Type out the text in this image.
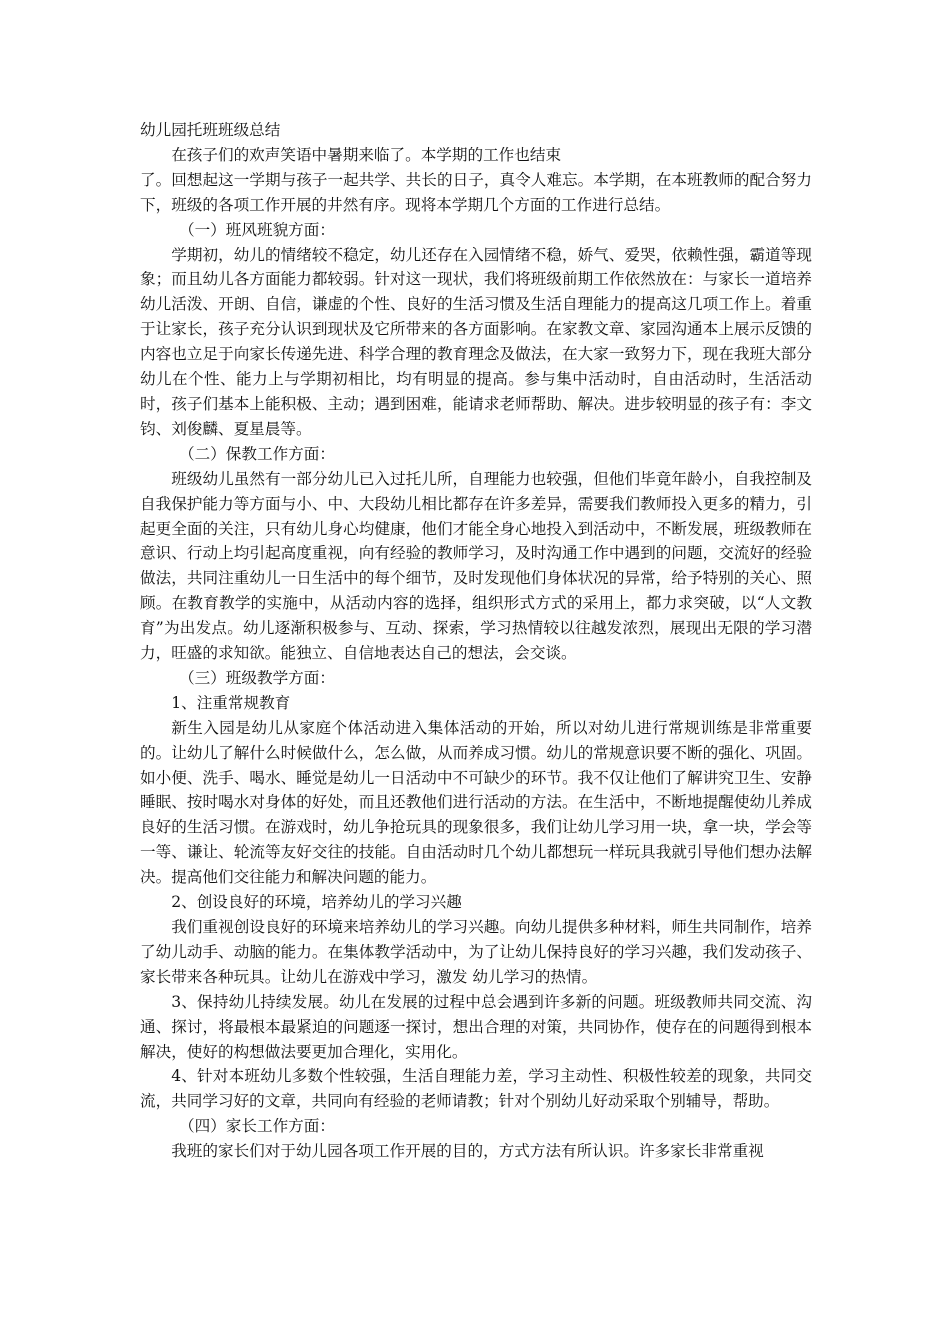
幼儿园托班班级总结

在孩子们的欢声笑语中暑期来临了。本学期的工作也结束

了。回想起这一学期与孩子一起共学、共长的日子，真令人难忘。本学期，在本班教师的配合努力下，班级的各项工作开展的井然有序。现将本学期几个方面的工作进行总结。

（一）班风班貌方面：

学期初，幼儿的情绪较不稳定，幼儿还存在入园情绪不稳，娇气、爱哭，依赖性强，霸道等现象；而且幼儿各方面能力都较弱。针对这一现状，我们将班级前期工作依然放在：与家长一道培养幼儿活泼、开朗、自信，谦虚的个性、良好的生活习惯及生活自理能力的提高这几项工作上。着重于让家长，孩子充分认识到现状及它所带来的各方面影响。在家教文章、家园沟通本上展示反馈的内容也立足于向家长传递先进、科学合理的教育理念及做法，在大家一致努力下，现在我班大部分幼儿在个性、能力上与学期初相比，均有明显的提高。参与集中活动时，自由活动时，生活活动时，孩子们基本上能积极、主动；遇到困难，能请求老师帮助、解决。进步较明显的孩子有：李文钧、刘俊麟、夏星晨等。

（二）保教工作方面：

班级幼儿虽然有一部分幼儿已入过托儿所，自理能力也较强，但他们毕竟年龄小，自我控制及自我保护能力等方面与小、中、大段幼儿相比都存在许多差异，需要我们教师投入更多的精力，引起更全面的关注，只有幼儿身心均健康，他们才能全身心地投入到活动中，不断发展，班级教师在意识、行动上均引起高度重视，向有经验的教师学习，及时沟通工作中遇到的问题，交流好的经验做法，共同注重幼儿一日生活中的每个细节，及时发现他们身体状况的异常，给予特别的关心、照顾。在教育教学的实施中，从活动内容的选择，组织形式方式的采用上，都力求突破，以“人文教育”为出发点。幼儿逐渐积极参与、互动、探索，学习热情较以往越发浓烈，展现出无限的学习潜力，旺盛的求知欲。能独立、自信地表达自己的想法，会交谈。

（三）班级教学方面：

1、注重常规教育

新生入园是幼儿从家庭个体活动进入集体活动的开始，所以对幼儿进行常规训练是非常重要的。让幼儿了解什么时候做什么，怎么做，从而养成习惯。幼儿的常规意识要不断的强化、巩固。如小便、洗手、喝水、睡觉是幼儿一日活动中不可缺少的环节。我不仅让他们了解讲究卫生、安静睡眠、按时喝水对身体的好处，而且还教他们进行活动的方法。在生活中，不断地提醒使幼儿养成良好的生活习惯。在游戏时，幼儿争抢玩具的现象很多，我们让幼儿学习用一块，拿一块，学会等一等、谦让、轮流等友好交往的技能。自由活动时几个幼儿都想玩一样玩具我就引导他们想办法解决。提高他们交往能力和解决问题的能力。

2、创设良好的环境，培养幼儿的学习兴趣

我们重视创设良好的环境来培养幼儿的学习兴趣。向幼儿提供多种材料，师生共同制作，培养了幼儿动手、动脑的能力。在集体教学活动中，为了让幼儿保持良好的学习兴趣，我们发动孩子、家长带来各种玩具。让幼儿在游戏中学习，激发 幼儿学习的热情。

3、保持幼儿持续发展。幼儿在发展的过程中总会遇到许多新的问题。班级教师共同交流、沟通、探讨，将最根本最紧迫的问题逐一探讨，想出合理的对策，共同协作，使存在的问题得到根本解决，使好的构想做法要更加合理化，实用化。

4、针对本班幼儿多数个性较强，生活自理能力差，学习主动性、积极性较差的现象，共同交流，共同学习好的文章，共同向有经验的老师请教；针对个别幼儿好动采取个别辅导，帮助。

（四）家长工作方面：

我班的家长们对于幼儿园各项工作开展的目的，方式方法有所认识。许多家长非常重视
